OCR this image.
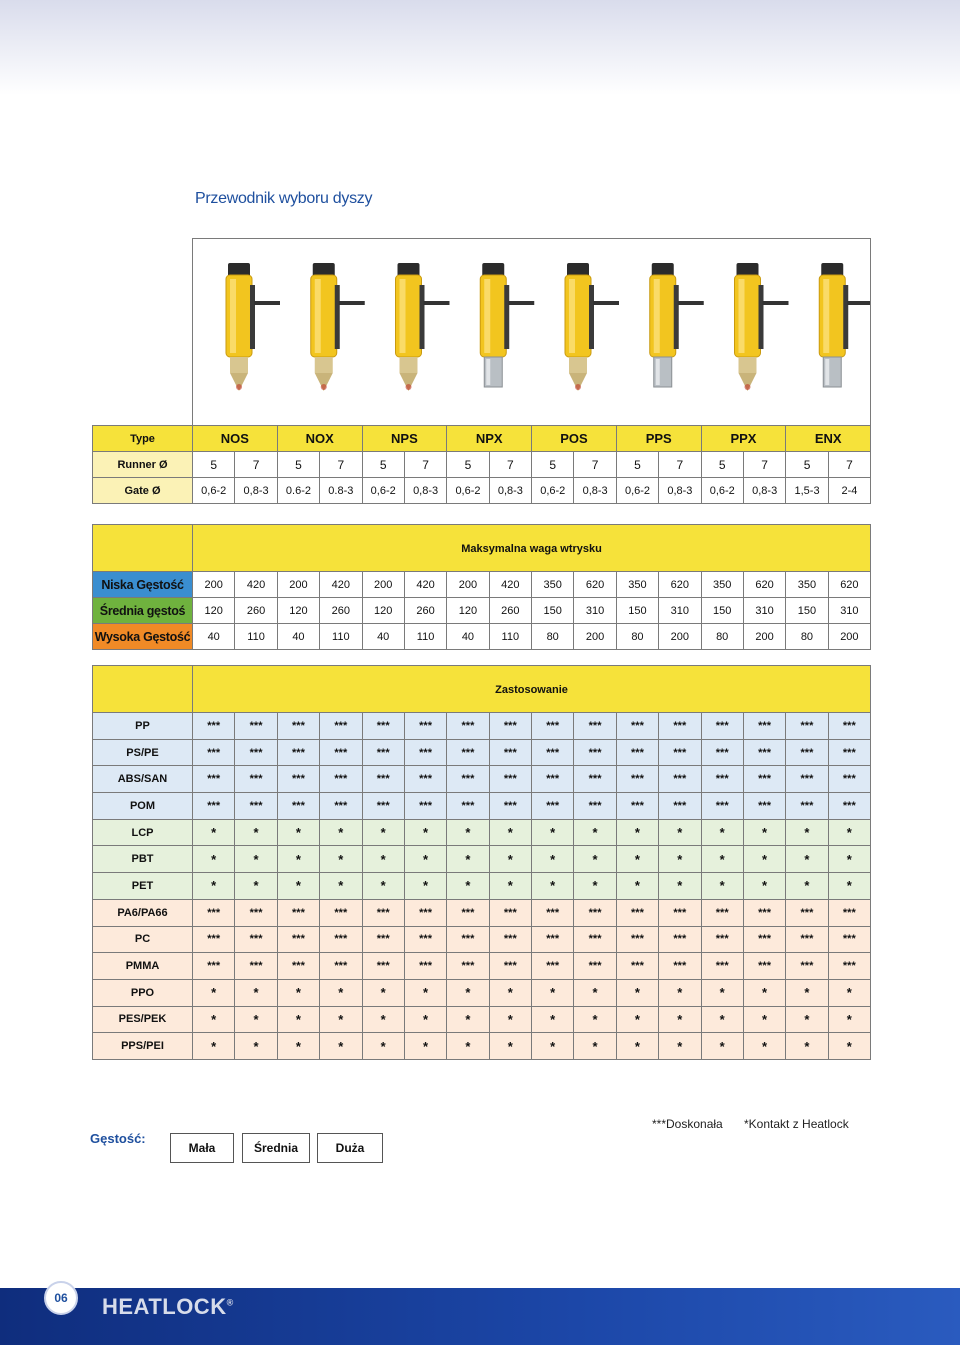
Przewodnik wyboru dyszy
Type	NOS		NOX		NPS		NPX		POS		PPS		PPX		ENX	
Runner Ø	5	7	5	7	5	7	5	7	5	7	5	7	5	7	5	7
Gate Ø	0,6-2	0,8-3	0.6-2	0.8-3	0,6-2	0,8-3	0,6-2	0,8-3	0,6-2	0,8-3	0,6-2	0,8-3	0,6-2	0,8-3	1,5-3	2-4
	Maksymalna waga wtrysku															
Niska Gęstość	200	420	200	420	200	420	200	420	350	620	350	620	350	620	350	620
Średnia gęstoś	120	260	120	260	120	260	120	260	150	310	150	310	150	310	150	310
Wysoka Gęstość	40	110	40	110	40	110	40	110	80	200	80	200	80	200	80	200
	Zastosowanie															
PP	***	***	***	***	***	***	***	***	***	***	***	***	***	***	***	***
PS/PE	***	***	***	***	***	***	***	***	***	***	***	***	***	***	***	***
ABS/SAN	***	***	***	***	***	***	***	***	***	***	***	***	***	***	***	***
POM	***	***	***	***	***	***	***	***	***	***	***	***	***	***	***	***
LCP	*	*	*	*	*	*	*	*	*	*	*	*	*	*	*	*
PBT	*	*	*	*	*	*	*	*	*	*	*	*	*	*	*	*
PET	*	*	*	*	*	*	*	*	*	*	*	*	*	*	*	*
PA6/PA66	***	***	***	***	***	***	***	***	***	***	***	***	***	***	***	***
PC	***	***	***	***	***	***	***	***	***	***	***	***	***	***	***	***
PMMA	***	***	***	***	***	***	***	***	***	***	***	***	***	***	***	***
PPO	*	*	*	*	*	*	*	*	*	*	*	*	*	*	*	*
PES/PEK	*	*	*	*	*	*	*	*	*	*	*	*	*	*	*	*
PPS/PEI	*	*	*	*	*	*	*	*	*	*	*	*	*	*	*	*
Gęstość:
Mała	Średnia	Duża
***Doskonała *Kontakt z Heatlock
06	HEATLOCK®
